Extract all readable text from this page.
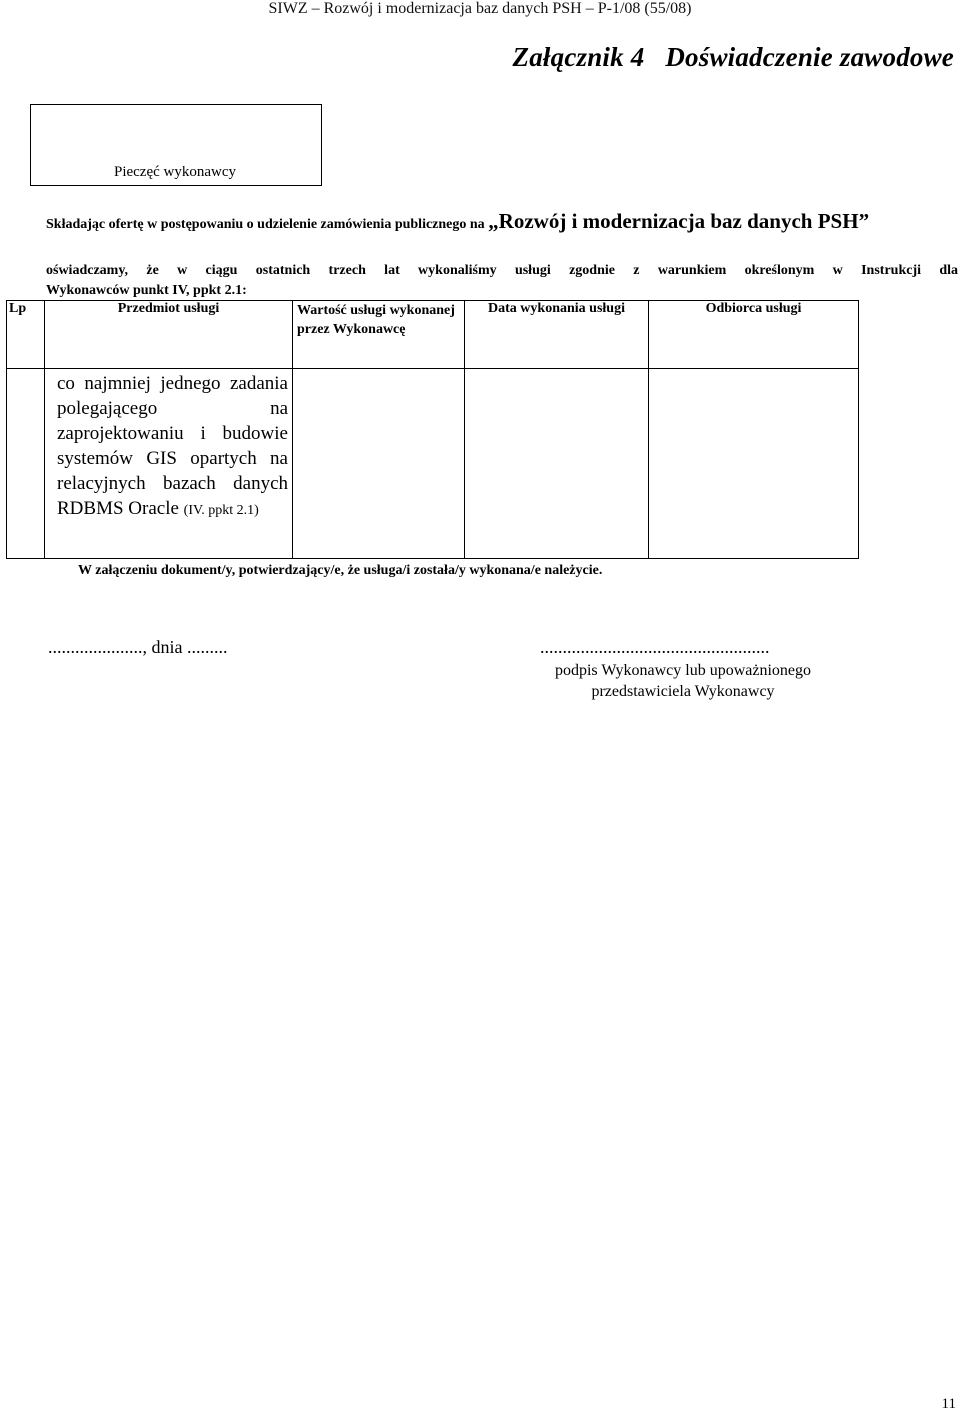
SIWZ – Rozwój i modernizacja baz danych PSH – P-1/08 (55/08)
Załącznik 4   Doświadczenie zawodowe
Pieczęć wykonawcy
Składając ofertę w postępowaniu o udzielenie zamówienia publicznego na „Rozwój i modernizacja baz danych PSH”
oświadczamy, że w ciągu ostatnich trzech lat wykonaliśmy usługi zgodnie z warunkiem określonym w Instrukcji dla
Wykonawców punkt IV, ppkt 2.1:
Lp	Przedmiot usługi	Wartość usługi wykonanej przez Wykonawcę	Data wykonania usługi	Odbiorca usługi

	co najmniej jednego zadania polegającego na zaprojektowaniu i budowie systemów GIS opartych na relacyjnych bazach danych RDBMS Oracle (IV. ppkt 2.1)			

W załączeniu dokument/y, potwierdzający/e, że usługa/i została/y wykonana/e należycie.
....................., dnia .........	...................................................
podpis Wykonawcy lub upoważnionego przedstawiciela Wykonawcy
11
